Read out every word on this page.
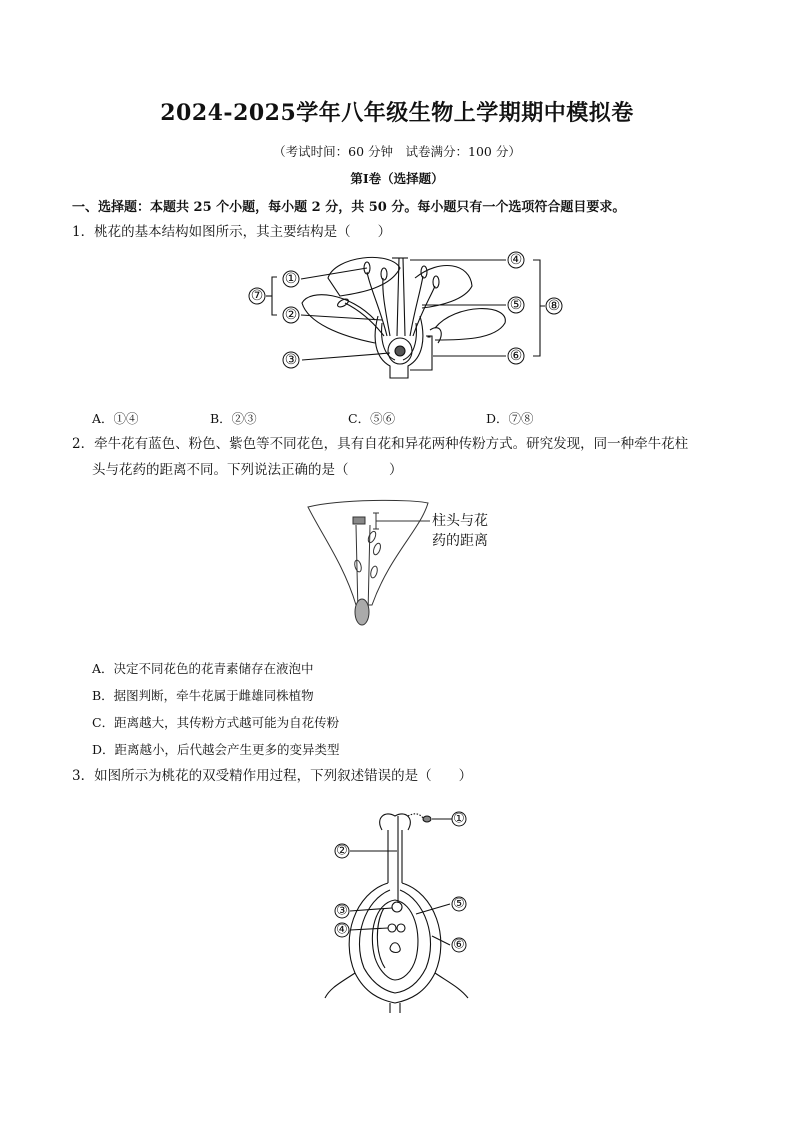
2024-2025学年八年级生物上学期期中模拟卷
（考试时间：60 分钟　试卷满分：100 分）
第Ⅰ卷（选择题）
一、选择题：本题共 25 个小题，每小题 2 分，共 50 分。每小题只有一个选项符合题目要求。
1．桃花的基本结构如图所示，其主要结构是（　　）
①
②
③
④
⑤
⑥
⑦
⑧
A．①④	B．②③	C．⑤⑥	D．⑦⑧
2．牵牛花有蓝色、粉色、紫色等不同花色，具有自花和异花两种传粉方式。研究发现，同一种牵牛花柱
头与花药的距离不同。下列说法正确的是（　　　）
柱头与花
药的距离
A．决定不同花色的花青素储存在液泡中
B．据图判断，牵牛花属于雌雄同株植物
C．距离越大，其传粉方式越可能为自花传粉
D．距离越小，后代越会产生更多的变异类型
3．如图所示为桃花的双受精作用过程，下列叙述错误的是（　　）
①
②
③
④
⑤
⑥
